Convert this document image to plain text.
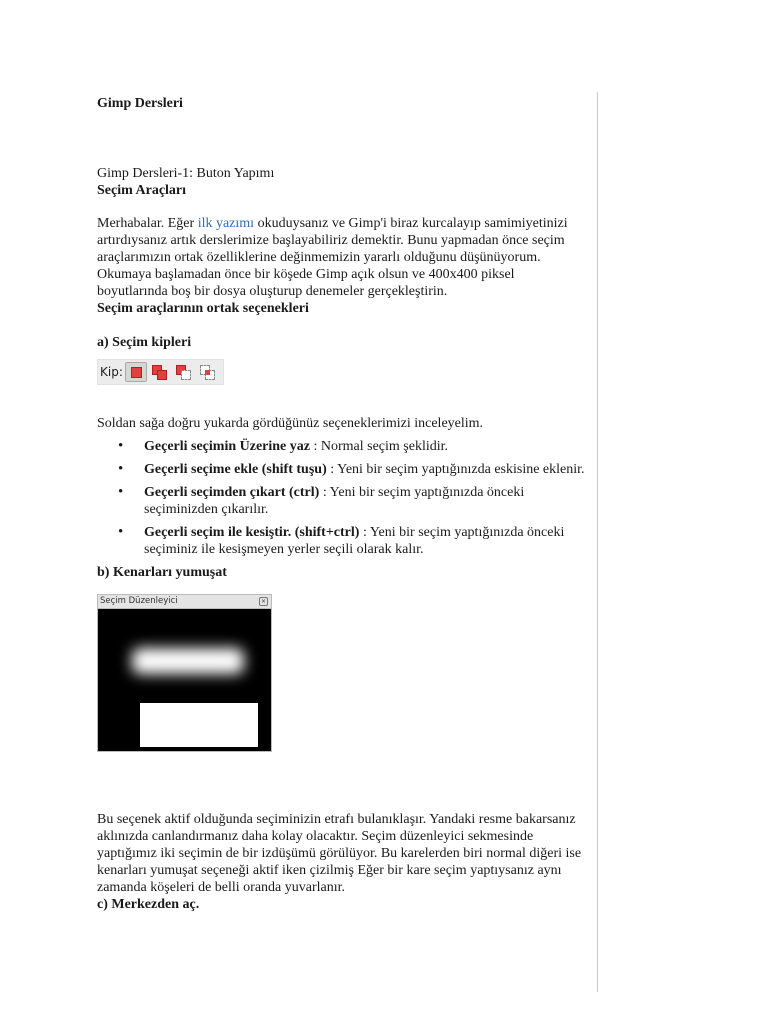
Gimp Dersleri

Gimp Dersleri-1: Buton Yapımı

Seçim Araçları

Merhabalar. Eğer ilk yazımı okuduysanız ve Gimp'i biraz kurcalayıp samimiyetinizi artırdıysanız artık derslerimize başlayabiliriz demektir. Bunu yapmadan önce seçim araçlarımızın ortak özelliklerine değinmemizin yararlı olduğunu düşünüyorum. Okumaya başlamadan önce bir köşede Gimp açık olsun ve 400x400 piksel boyutlarında boş bir dosya oluşturup denemeler gerçekleştirin.

Seçim araçlarının ortak seçenekleri

a) Seçim kipleri

Kip:

Soldan sağa doğru yukarda gördüğünüz seçeneklerimizi inceleyelim.

• Geçerli seçimin Üzerine yaz : Normal seçim şeklidir.
• Geçerli seçime ekle (shift tuşu) : Yeni bir seçim yaptığınızda eskisine eklenir.
• Geçerli seçimden çıkart (ctrl) : Yeni bir seçim yaptığınızda önceki seçiminizden çıkarılır.
• Geçerli seçim ile kesiştir. (shift+ctrl) : Yeni bir seçim yaptığınızda önceki seçiminiz ile kesişmeyen yerler seçili olarak kalır.

b) Kenarları yumuşat

Seçim Düzenleyici	×

Bu seçenek aktif olduğunda seçiminizin etrafı bulanıklaşır. Yandaki resme bakarsanız aklınızda canlandırmanız daha kolay olacaktır. Seçim düzenleyici sekmesinde yaptığımız iki seçimin de bir izdüşümü görülüyor. Bu karelerden biri normal diğeri ise kenarları yumuşat seçeneği aktif iken çizilmiş Eğer bir kare seçim yaptıysanız aynı zamanda köşeleri de belli oranda yuvarlanır.

c) Merkezden aç.
